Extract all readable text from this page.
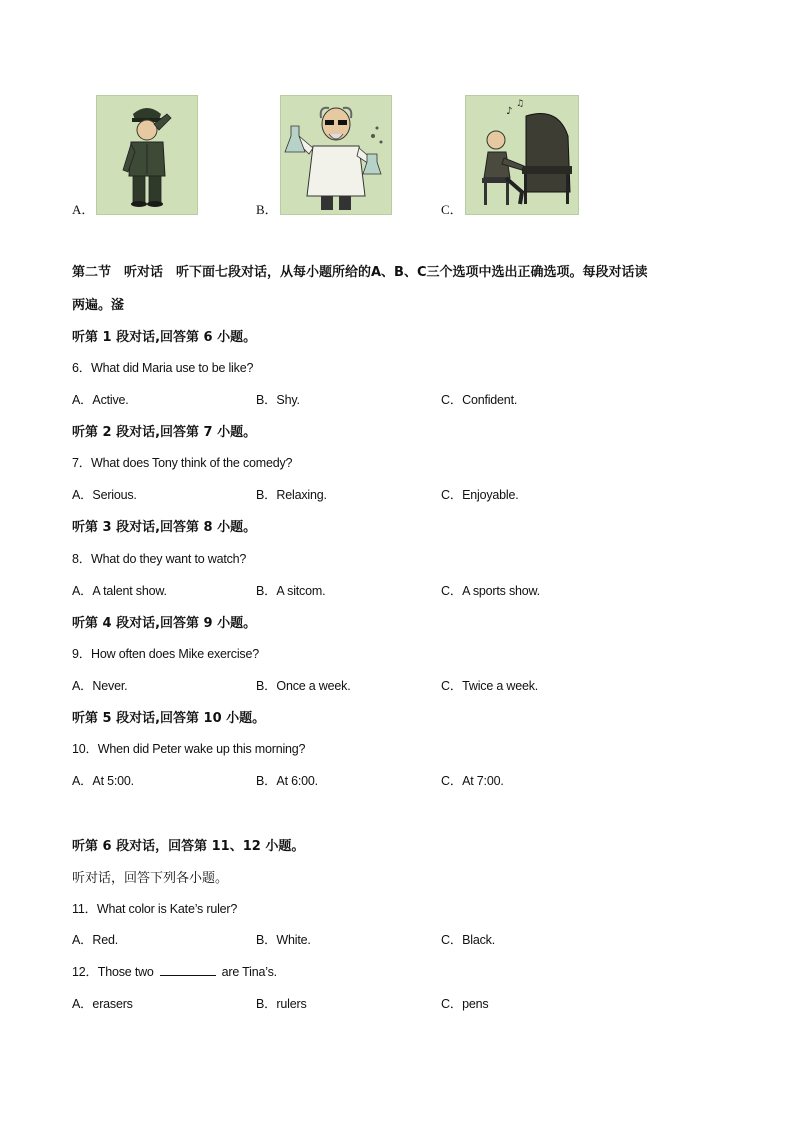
A．	B．	C．
♪
♫
第二节　听对话　听下面七段对话，从每小题所给的A、B、C三个选项中选出正确选项。每段对话读
两遍。滏
听第 1 段对话,回答第 6 小题。
6．What did Maria use to be like?
A．Active.	B．Shy.	C．Confident.
听第 2 段对话,回答第 7 小题。
7．What does Tony think of the comedy?
A．Serious.	B．Relaxing.	C．Enjoyable.
听第 3 段对话,回答第 8 小题。
8．What do they want to watch?
A．A talent show.	B．A sitcom.	C．A sports show.
听第 4 段对话,回答第 9 小题。
9．How often does Mike exercise?
A．Never.	B．Once a week.	C．Twice a week.
听第 5 段对话,回答第 10 小题。
10．When did Peter wake up this morning?
A．At 5:00.	B．At 6:00.	C．At 7:00.
听第 6 段对话，回答第 11、12 小题。
听对话，回答下列各小题。
11．What color is Kate’s ruler?
A．Red.	B．White.	C．Black.
12．Those two	are Tina’s.
A．erasers	B．rulers	C．pens
